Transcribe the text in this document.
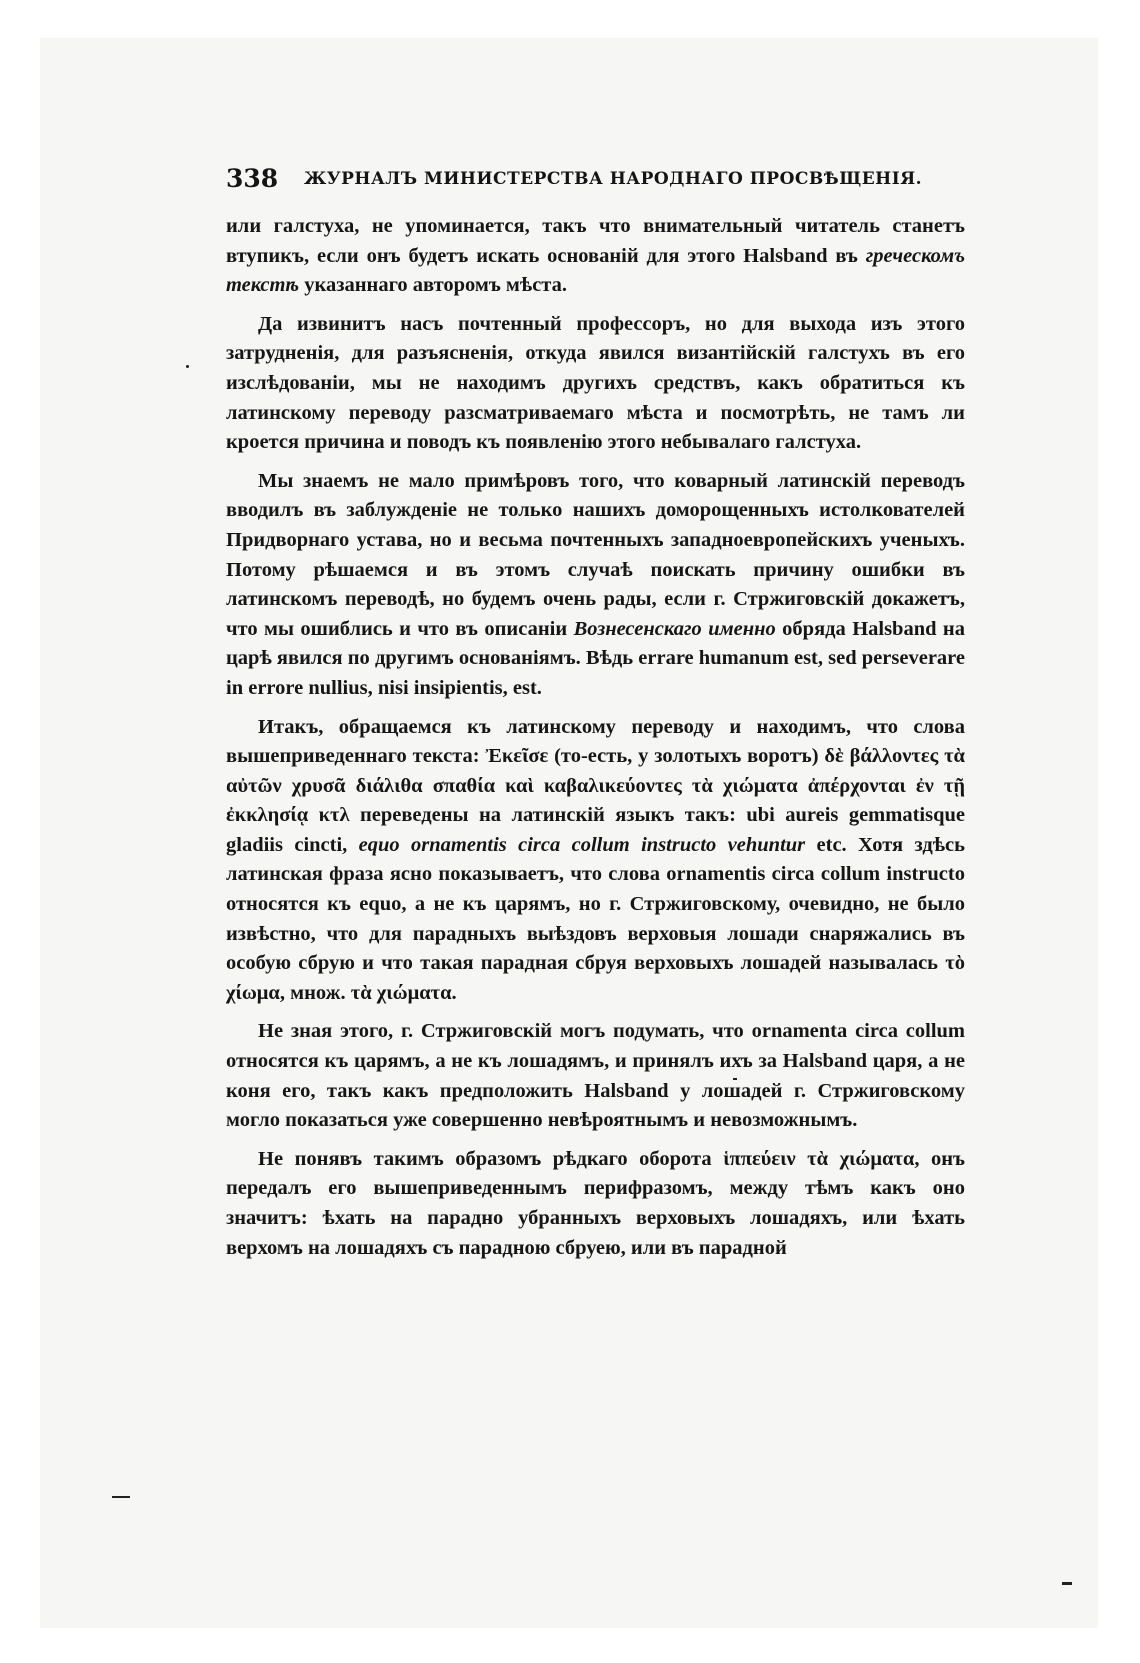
338 ЖУРНАЛЪ МИНИСТЕРСТВА НАРОДНАГО ПРОСВѢЩЕНІЯ.

или галстуха, не упоминается, такъ что внимательный читатель станетъ втупикъ, если онъ будетъ искать основаній для этого Halsband въ греческомъ текстѣ указаннаго авторомъ мѣста.

Да извинитъ насъ почтенный профессоръ, но для выхода изъ этого затрудненія, для разъясненія, откуда явился византійскій галстухъ въ его изслѣдованіи, мы не находимъ другихъ средствъ, какъ обратиться къ латинскому переводу разсматриваемаго мѣста и посмотрѣть, не тамъ ли кроется причина и поводъ къ появленію этого небывалаго галстуха.

Мы знаемъ не мало примѣровъ того, что коварный латинскій переводъ вводилъ въ заблужденіе не только нашихъ доморощенныхъ истолкователей Придворнаго устава, но и весьма почтенныхъ западноевропейскихъ ученыхъ. Потому рѣшаемся и въ этомъ случаѣ поискать причину ошибки въ латинскомъ переводѣ, но будемъ очень рады, если г. Стржиговскій докажетъ, что мы ошиблись и что въ описаніи Вознесенскаго именно обряда Halsband на царѣ явился по другимъ основаніямъ. Вѣдь errare humanum est, sed perseverare in errore nullius, nisi insipientis, est.

Итакъ, обращаемся къ латинскому переводу и находимъ, что слова вышеприведеннаго текста: Ἐκεῖσε (то-есть, у золотыхъ воротъ) δὲ βάλλοντες τὰ αὐτῶν χρυσᾶ διάλιθα σπαθία καὶ καβαλικεύοντες τὰ χιώματα ἀπέρχονται ἐν τῇ ἐκκλησίᾳ κτλ переведены на латинскій языкъ такъ: ubi aureis gemmatisque gladiis cincti, equo ornamentis circa collum instructo vehuntur etc. Хотя здѣсь латинская фраза ясно показываетъ, что слова ornamentis circa collum instructo относятся къ equo, а не къ царямъ, но г. Стржиговскому, очевидно, не было извѣстно, что для парадныхъ выѣздовъ верховыя лошади снаряжались въ особую сбрую и что такая парадная сбруя верховыхъ лошадей называлась τὸ χίωμα, множ. τὰ χιώματα.

Не зная этого, г. Стржиговскій могъ подумать, что ornamenta circa collum относятся къ царямъ, а не къ лошадямъ, и принялъ ихъ за Halsband царя, а не коня его, такъ какъ предположить Halsband у лошадей г. Стржиговскому могло показаться уже совершенно невѣроятнымъ и невозможнымъ.

Не понявъ такимъ образомъ рѣдкаго оборота ἱππεύειν τὰ χιώματα, онъ передалъ его вышеприведеннымъ перифразомъ, между тѣмъ какъ оно значитъ: ѣхать на парадно убранныхъ верховыхъ лошадяхъ, или ѣхать верхомъ на лошадяхъ съ парадною сбруею, или въ парадной
